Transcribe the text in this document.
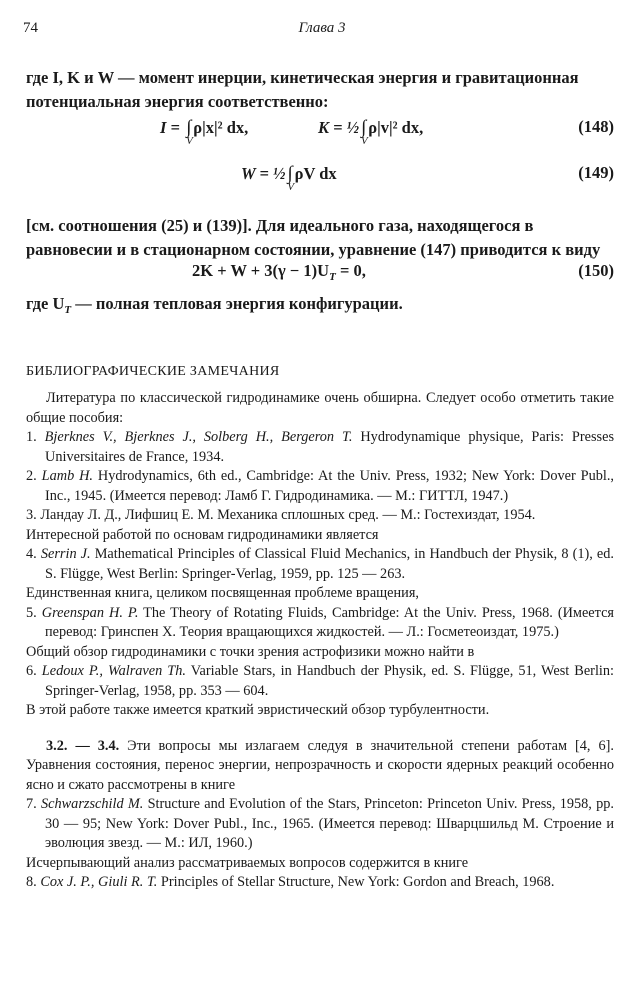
74	Глава 3
где I, K и W — момент инерции, кинетическая энергия и гравитационная потенциальная энергия соответственно:
I = ∫
V
ρ|x|² dx,	K = ½ ∫
V
ρ|v|² dx,	(148)
W = ½ ∫
V
ρV dx	(149)
[см. соотношения (25) и (139)]. Для идеального газа, находящегося в равновесии и в стационарном состоянии, уравнение (147) приводится к виду
$2K + W + 3(\gamma - 1)U_T = 0$,	(150)
где $U_T$ — полная тепловая энергия конфигурации.
БИБЛИОГРАФИЧЕСКИЕ ЗАМЕЧАНИЯ

Литература по классической гидродинамике очень обширна. Следует особо отметить такие общие пособия:

1. Bjerknes V., Bjerknes J., Solberg H., Bergeron T. Hydrodynamique physique, Paris: Presses Universitaires de France, 1934.

2. Lamb H. Hydrodynamics, 6th ed., Cambridge: At the Univ. Press, 1932; New York: Dover Publ., Inc., 1945. (Имеется перевод: Ламб Г. Гидродинамика. — М.: ГИТТЛ, 1947.)

3. Ландау Л. Д., Лифшиц Е. М. Механика сплошных сред. — М.: Гостехиздат, 1954.

Интересной работой по основам гидродинамики является

4. Serrin J. Mathematical Principles of Classical Fluid Mechanics, in Handbuch der Physik, 8 (1), ed. S. Flügge, West Berlin: Springer-Verlag, 1959, pp. 125 — 263.

Единственная книга, целиком посвященная проблеме вращения,

5. Greenspan H. P. The Theory of Rotating Fluids, Cambridge: At the Univ. Press, 1968. (Имеется перевод: Гринспен Х. Теория вращающихся жидкостей. — Л.: Госметеоиздат, 1975.)

Общий обзор гидродинамики с точки зрения астрофизики можно найти в

6. Ledoux P., Walraven Th. Variable Stars, in Handbuch der Physik, ed. S. Flügge, 51, West Berlin: Springer-Verlag, 1958, pp. 353 — 604.

В этой работе также имеется краткий эвристический обзор турбулентности.

3.2. — 3.4. Эти вопросы мы излагаем следуя в значительной степени работам [4, 6]. Уравнения состояния, перенос энергии, непрозрачность и скорости ядерных реакций особенно ясно и сжато рассмотрены в книге

7. Schwarzschild M. Structure and Evolution of the Stars, Princeton: Princeton Univ. Press, 1958, pp. 30 — 95; New York: Dover Publ., Inc., 1965. (Имеется перевод: Шварцшильд М. Строение и эволюция звезд. — М.: ИЛ, 1960.)

Исчерпывающий анализ рассматриваемых вопросов содержится в книге

8. Cox J. P., Giuli R. T. Principles of Stellar Structure, New York: Gordon and Breach, 1968.
